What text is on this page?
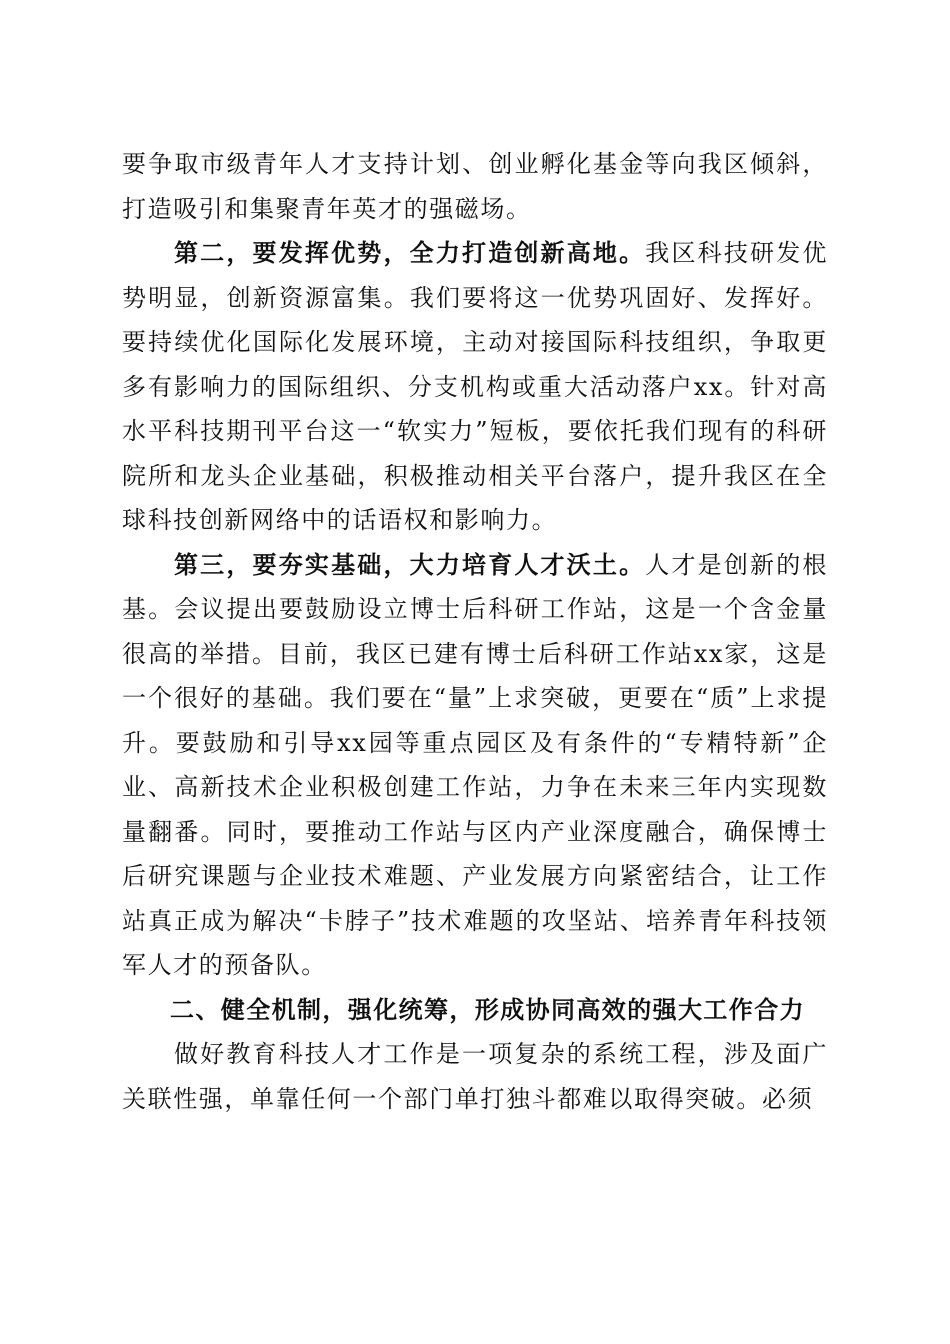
要争取市级青年人才支持计划、创业孵化基金等向我区倾斜，打造吸引和集聚青年英才的强磁场。

第二，要发挥优势，全力打造创新高地。我区科技研发优势明显，创新资源富集。我们要将这一优势巩固好、发挥好。要持续优化国际化发展环境，主动对接国际科技组织，争取更多有影响力的国际组织、分支机构或重大活动落户xx。针对高水平科技期刊平台这一“软实力”短板，要依托我们现有的科研院所和龙头企业基础，积极推动相关平台落户，提升我区在全球科技创新网络中的话语权和影响力。

第三，要夯实基础，大力培育人才沃土。人才是创新的根基。会议提出要鼓励设立博士后科研工作站，这是一个含金量很高的举措。目前，我区已建有博士后科研工作站xx家，这是一个很好的基础。我们要在“量”上求突破，更要在“质”上求提升。要鼓励和引导xx园等重点园区及有条件的“专精特新”企业、高新技术企业积极创建工作站，力争在未来三年内实现数量翻番。同时，要推动工作站与区内产业深度融合，确保博士后研究课题与企业技术难题、产业发展方向紧密结合，让工作站真正成为解决“卡脖子”技术难题的攻坚站、培养青年科技领军人才的预备队。

二、健全机制，强化统筹，形成协同高效的强大工作合力

做好教育科技人才工作是一项复杂的系统工程，涉及面广关联性强，单靠任何一个部门单打独斗都难以取得突破。必须
